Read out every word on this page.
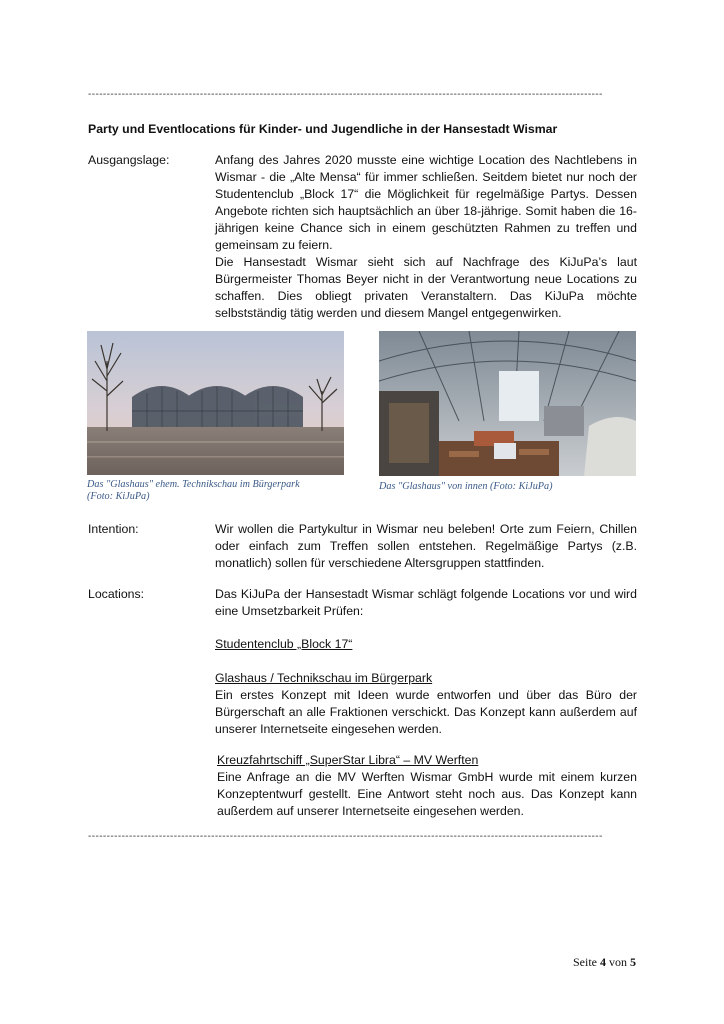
------------------------------------------------------------------------------------------------------------------------------------------
Party und Eventlocations für Kinder- und Jugendliche in der Hansestadt Wismar
Ausgangslage:	Anfang des Jahres 2020 musste eine wichtige Location des Nachtlebens in Wismar - die „Alte Mensa“ für immer schließen. Seitdem bietet nur noch der Studentenclub „Block 17“ die Möglichkeit für regelmäßige Partys. Dessen Angebote richten sich hauptsächlich an über 18-jährige. Somit haben die 16-jährigen keine Chance sich in einem geschützten Rahmen zu treffen und gemeinsam zu feiern.

Die Hansestadt Wismar sieht sich auf Nachfrage des KiJuPa’s laut Bürgermeister Thomas Beyer nicht in der Verantwortung neue Locations zu schaffen. Dies obliegt privaten Veranstaltern. Das KiJuPa möchte selbstständig tätig werden und diesem Mangel entgegenwirken.

Das "Glashaus" ehem. Technikschau im Bürgerpark
(Foto: KiJuPa)
Das "Glashaus" von innen (Foto: KiJuPa)
Intention:	Wir wollen die Partykultur in Wismar neu beleben! Orte zum Feiern, Chillen oder einfach zum Treffen sollen entstehen. Regelmäßige Partys (z.B. monatlich) sollen für verschiedene Altersgruppen stattfinden.
Locations:	Das KiJuPa der Hansestadt Wismar schlägt folgende Locations vor und wird eine Umsetzbarkeit Prüfen:
Studentenclub „Block 17“
Glashaus / Technikschau im Bürgerpark
Ein erstes Konzept mit Ideen wurde entworfen und über das Büro der Bürgerschaft an alle Fraktionen verschickt. Das Konzept kann außerdem auf unserer Internetseite eingesehen werden.
Kreuzfahrtschiff „SuperStar Libra“ – MV Werften
Eine Anfrage an die MV Werften Wismar GmbH wurde mit einem kurzen Konzeptentwurf gestellt. Eine Antwort steht noch aus. Das Konzept kann außerdem auf unserer Internetseite eingesehen werden.
------------------------------------------------------------------------------------------------------------------------------------------
Seite 4 von 5
